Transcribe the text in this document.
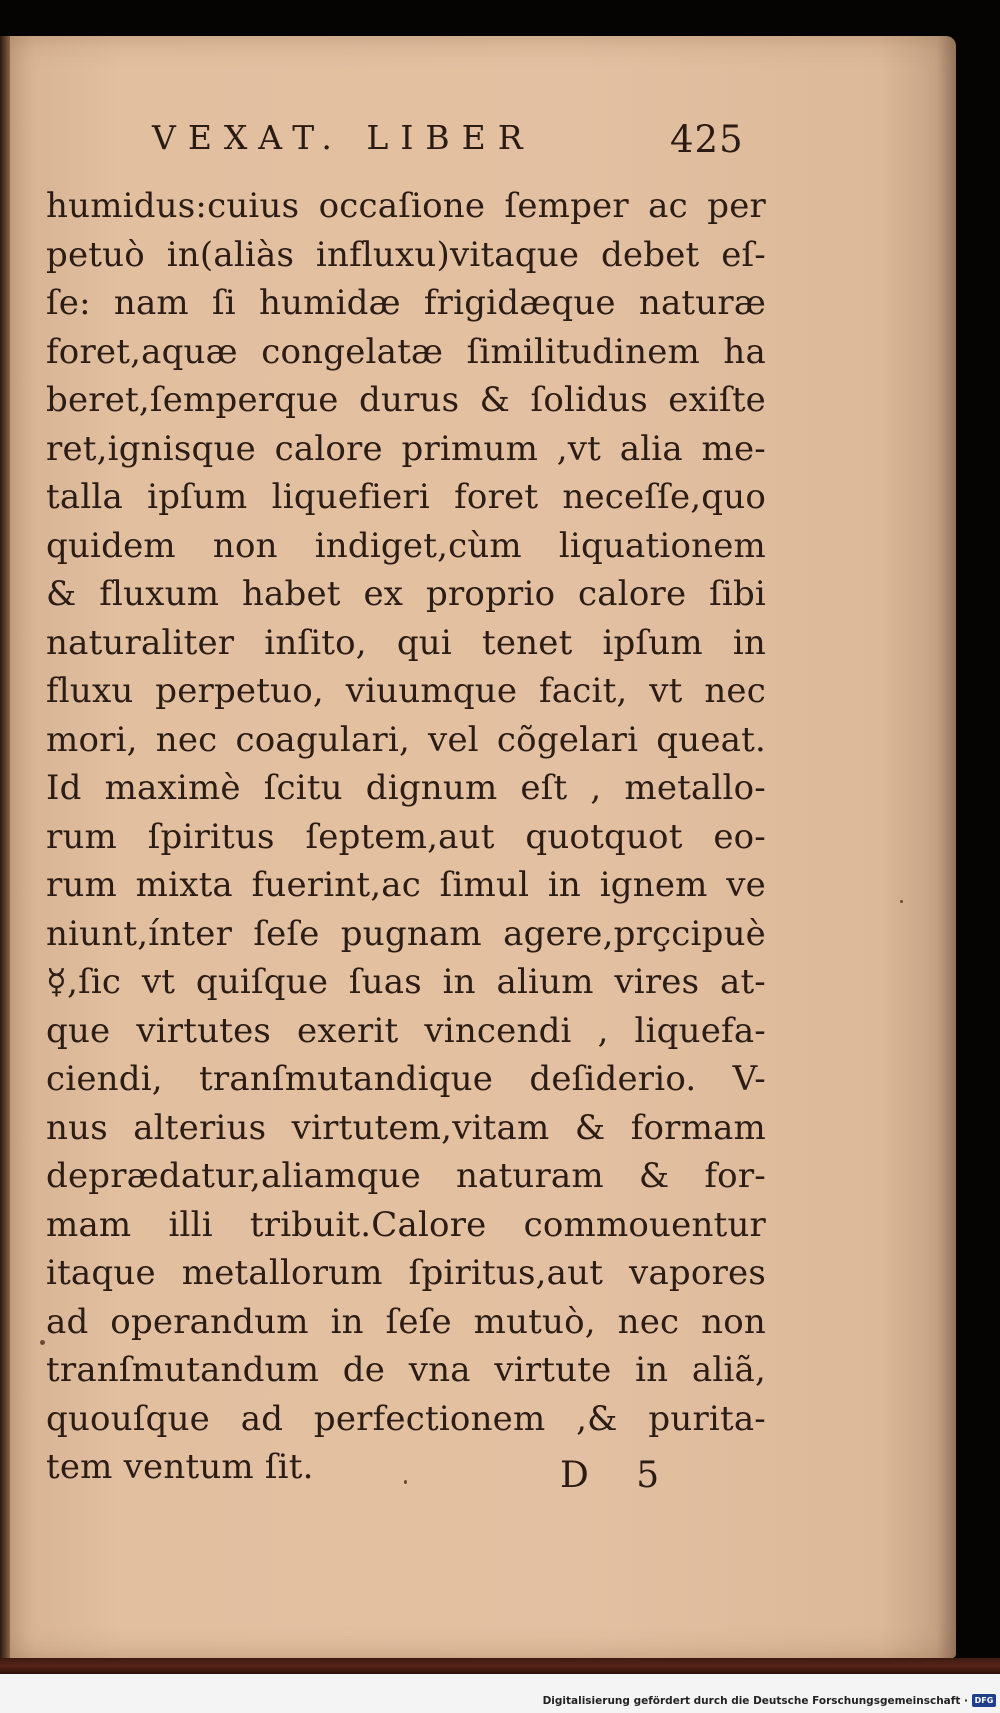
VEXAT. LIBER	425
humidus:cuius occaſione ſemper ac per
petuò in(aliàs influxu)vitaque debet eſ-
ſe: nam ſi humidæ frigidæque naturæ
foret,aquæ congelatæ ſimilitudinem ha
beret,ſemperque durus & ſolidus exiſte
ret,ignisque calore primum ,vt alia me-
talla ipſum liquefieri foret neceſſe,quo
quidem non indiget,cùm liquationem
& fluxum habet ex proprio calore ſibi
naturaliter inſito, qui tenet ipſum in
fluxu perpetuo, viuumque facit, vt nec
mori, nec coagulari, vel cõgelari queat.
Id maximè ſcitu dignum eſt , metallo-
rum ſpiritus ſeptem,aut quotquot eo-
rum mixta fuerint,ac ſimul in ignem ve
niunt,ínter ſeſe pugnam agere,prçcipuè
☿,ſic vt quiſque ſuas in alium vires at-
que virtutes exerit vincendi , liquefa-
ciendi, tranſmutandique deſiderio. V-
nus alterius virtutem,vitam & formam
deprædatur,aliamque naturam & for-
mam illi tribuit.Calore commouentur
itaque metallorum ſpiritus,aut vapores
ad operandum in ſeſe mutuò, nec non
tranſmutandum de vna virtute in aliã,
quouſque ad perfectionem ,& purita-
tem ventum ſit.	D 5
Digitalisierung gefördert durch die Deutsche Forschungsgemeinschaft · DFG
